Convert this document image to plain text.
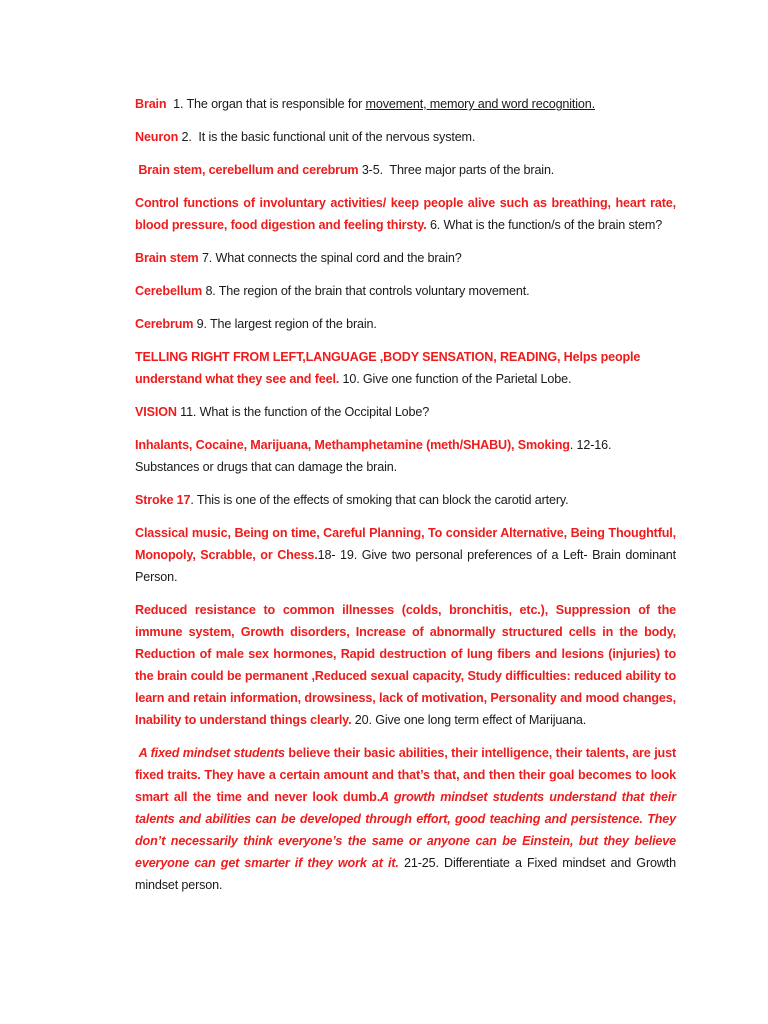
Brain  1. The organ that is responsible for movement, memory and word recognition.

Neuron 2.  It is the basic functional unit of the nervous system.

Brain stem, cerebellum and cerebrum 3-5.  Three major parts of the brain.

Control functions of involuntary activities/ keep people alive such as breathing, heart rate, blood pressure, food digestion and feeling thirsty. 6. What is the function/s of the brain stem?

Brain stem 7. What connects the spinal cord and the brain?

Cerebellum 8. The region of the brain that controls voluntary movement.

Cerebrum 9. The largest region of the brain.

TELLING RIGHT FROM LEFT,LANGUAGE ,BODY SENSATION, READING, Helps people understand what they see and feel. 10. Give one function of the Parietal Lobe.

VISION 11. What is the function of the Occipital Lobe?

Inhalants, Cocaine, Marijuana, Methamphetamine (meth/SHABU), Smoking. 12-16. Substances or drugs that can damage the brain.

Stroke 17. This is one of the effects of smoking that can block the carotid artery.

Classical music, Being on time, Careful Planning, To consider Alternative, Being Thoughtful, Monopoly, Scrabble, or Chess.18- 19. Give two personal preferences of a Left- Brain dominant Person.

Reduced resistance to common illnesses (colds, bronchitis, etc.), Suppression of the immune system, Growth disorders, Increase of abnormally structured cells in the body, Reduction of male sex hormones, Rapid destruction of lung fibers and lesions (injuries) to the brain could be permanent ,Reduced sexual capacity, Study difficulties: reduced ability to learn and retain information, drowsiness, lack of motivation, Personality and mood changes, Inability to understand things clearly. 20. Give one long term effect of Marijuana.

A fixed mindset students believe their basic abilities, their intelligence, their talents, are just fixed traits. They have a certain amount and that’s that, and then their goal becomes to look smart all the time and never look dumb.A growth mindset students understand that their talents and abilities can be developed through effort, good teaching and persistence. They don’t necessarily think everyone’s the same or anyone can be Einstein, but they believe everyone can get smarter if they work at it. 21-25. Differentiate a Fixed mindset and Growth mindset person.
